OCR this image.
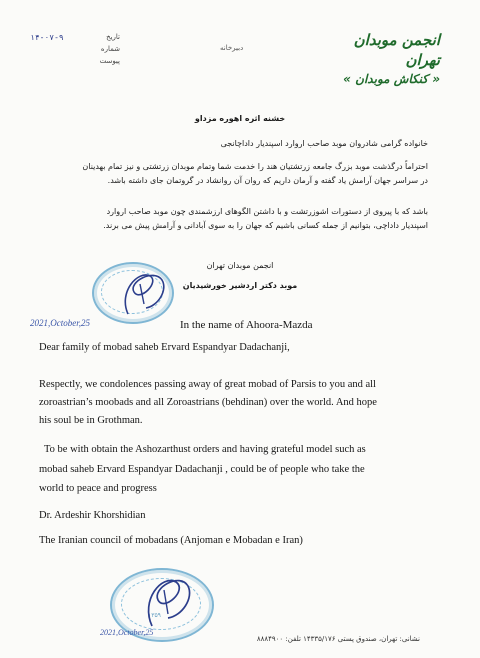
انجمن موبدان تهران
« کنکاش موبدان »
تاریخ
۱۴-۰۷-۹
شماره
پیوست
دبیرخانه
خشنه اثره اهوره مزداو
خانواده گرامی شادروان موبد صاحب اروارد اسپندیار داداچانجی
احتراماً درگذشت موبد بزرگ جامعه زرتشتیان هند را خدمت شما وتمام موبدان زرتشتی و نیز تمام بهدینان
در سراسر جهان آرامش یاد گفته و آرمان داریم که روان آن روانشاد در گروتمان جای داشته باشد.
باشد که با پیروی از دستورات اشوزرتشت و با داشتن الگوهای ارزشمندی چون موبد صاحب اروارد
اسپندیار داداچی، بتوانیم از جمله کسانی باشیم که جهان را به سوی آبادانی و آرامش پیش می برند.
انجمن موبدان تهران
موبد دکتر اردشیر خورشیدیان
2021,October,25	In the name of Ahoora-Mazda
Dear family of mobad saheb Ervard Espandyar Dadachanji,
Respectly, we condolences passing away of great mobad of Parsis to you and all
zoroastrian’s moobads and all Zoroastrians (behdinan) over the world. And hope
his soul be in Grothman.
To be with obtain the Ashozarthust orders and having grateful model such as
mobad saheb Ervard Espandyar Dadachanji , could be of people who take the
world to peace and progress
Dr. Ardeshir Khorshidian
The Iranian council of mobadans (Anjoman e Mobadan e Iran)
۱۳۵۹
2021,October,25
نشانی: تهران، صندوق پستی ۱۴۳۳۵/۱۷۶ تلفن: ۸۸۸۴۹۰۰
